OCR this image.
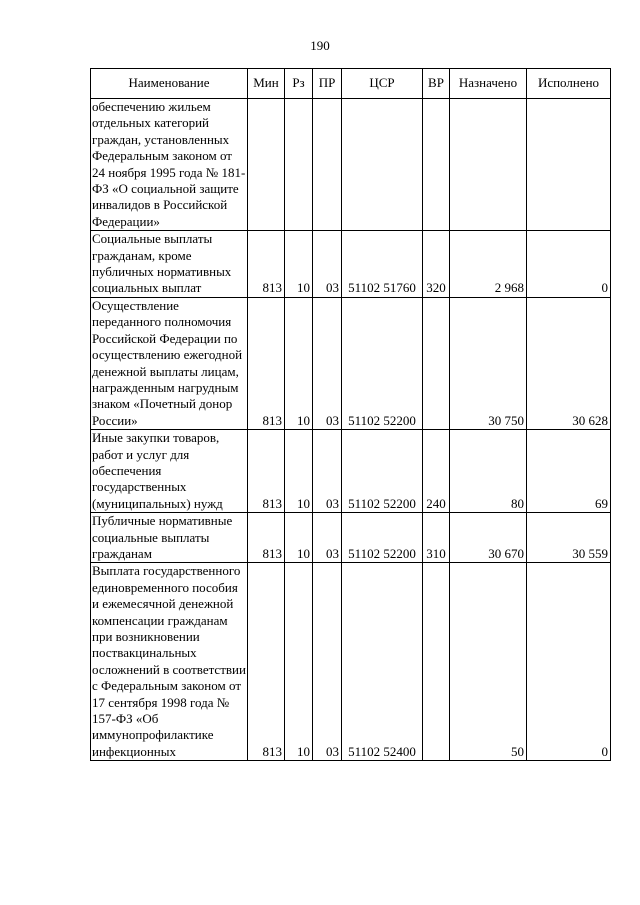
190
Наименование	Мин	Рз	ПР	ЦСР	ВР	Назначено	Исполнено
обеспечению жильем отдельных категорий граждан, установленных Федеральным законом от 24 ноября 1995 года № 181-ФЗ «О социальной защите инвалидов в Российской Федерации»							
Социальные выплаты гражданам, кроме публичных нормативных социальных выплат	813	10	03	51102 51760	320	2 968	0
Осуществление переданного полномочия Российской Федерации по осуществлению ежегодной денежной выплаты лицам, награжденным нагрудным знаком «Почетный донор России»	813	10	03	51102 52200		30 750	30 628
Иные закупки товаров, работ и услуг для обеспечения государственных (муниципальных) нужд	813	10	03	51102 52200	240	80	69
Публичные нормативные социальные выплаты гражданам	813	10	03	51102 52200	310	30 670	30 559
Выплата государственного единовременного пособия и ежемесячной денежной компенсации гражданам при возникновении поствакцинальных осложнений в соответствии с Федеральным законом от 17 сентября 1998 года № 157-ФЗ «Об иммунопрофилактике инфекционных	813	10	03	51102 52400		50	0
